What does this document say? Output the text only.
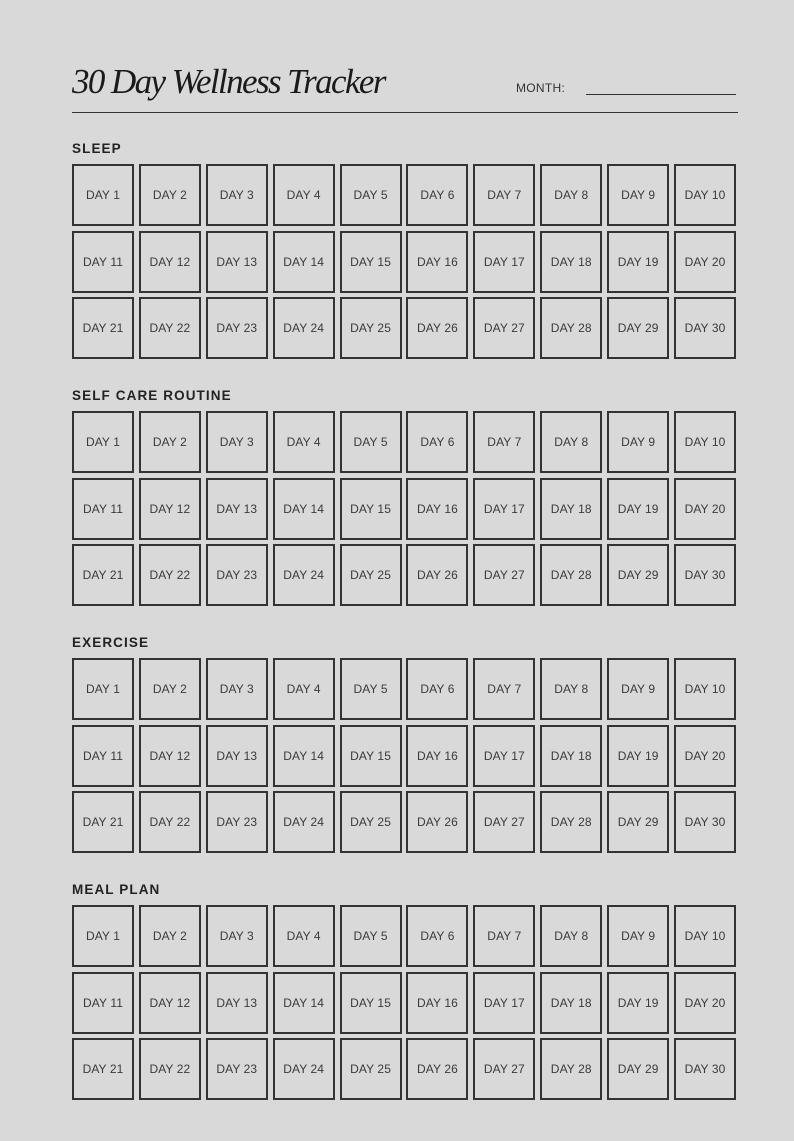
30 Day Wellness Tracker	MONTH:
SLEEP
DAY 1	DAY 2	DAY 3	DAY 4	DAY 5	DAY 6	DAY 7	DAY 8	DAY 9	DAY 10
DAY 11	DAY 12	DAY 13	DAY 14	DAY 15	DAY 16	DAY 17	DAY 18	DAY 19	DAY 20
DAY 21	DAY 22	DAY 23	DAY 24	DAY 25	DAY 26	DAY 27	DAY 28	DAY 29	DAY 30
SELF CARE ROUTINE
DAY 1	DAY 2	DAY 3	DAY 4	DAY 5	DAY 6	DAY 7	DAY 8	DAY 9	DAY 10
DAY 11	DAY 12	DAY 13	DAY 14	DAY 15	DAY 16	DAY 17	DAY 18	DAY 19	DAY 20
DAY 21	DAY 22	DAY 23	DAY 24	DAY 25	DAY 26	DAY 27	DAY 28	DAY 29	DAY 30
EXERCISE
DAY 1	DAY 2	DAY 3	DAY 4	DAY 5	DAY 6	DAY 7	DAY 8	DAY 9	DAY 10
DAY 11	DAY 12	DAY 13	DAY 14	DAY 15	DAY 16	DAY 17	DAY 18	DAY 19	DAY 20
DAY 21	DAY 22	DAY 23	DAY 24	DAY 25	DAY 26	DAY 27	DAY 28	DAY 29	DAY 30
MEAL PLAN
DAY 1	DAY 2	DAY 3	DAY 4	DAY 5	DAY 6	DAY 7	DAY 8	DAY 9	DAY 10
DAY 11	DAY 12	DAY 13	DAY 14	DAY 15	DAY 16	DAY 17	DAY 18	DAY 19	DAY 20
DAY 21	DAY 22	DAY 23	DAY 24	DAY 25	DAY 26	DAY 27	DAY 28	DAY 29	DAY 30
